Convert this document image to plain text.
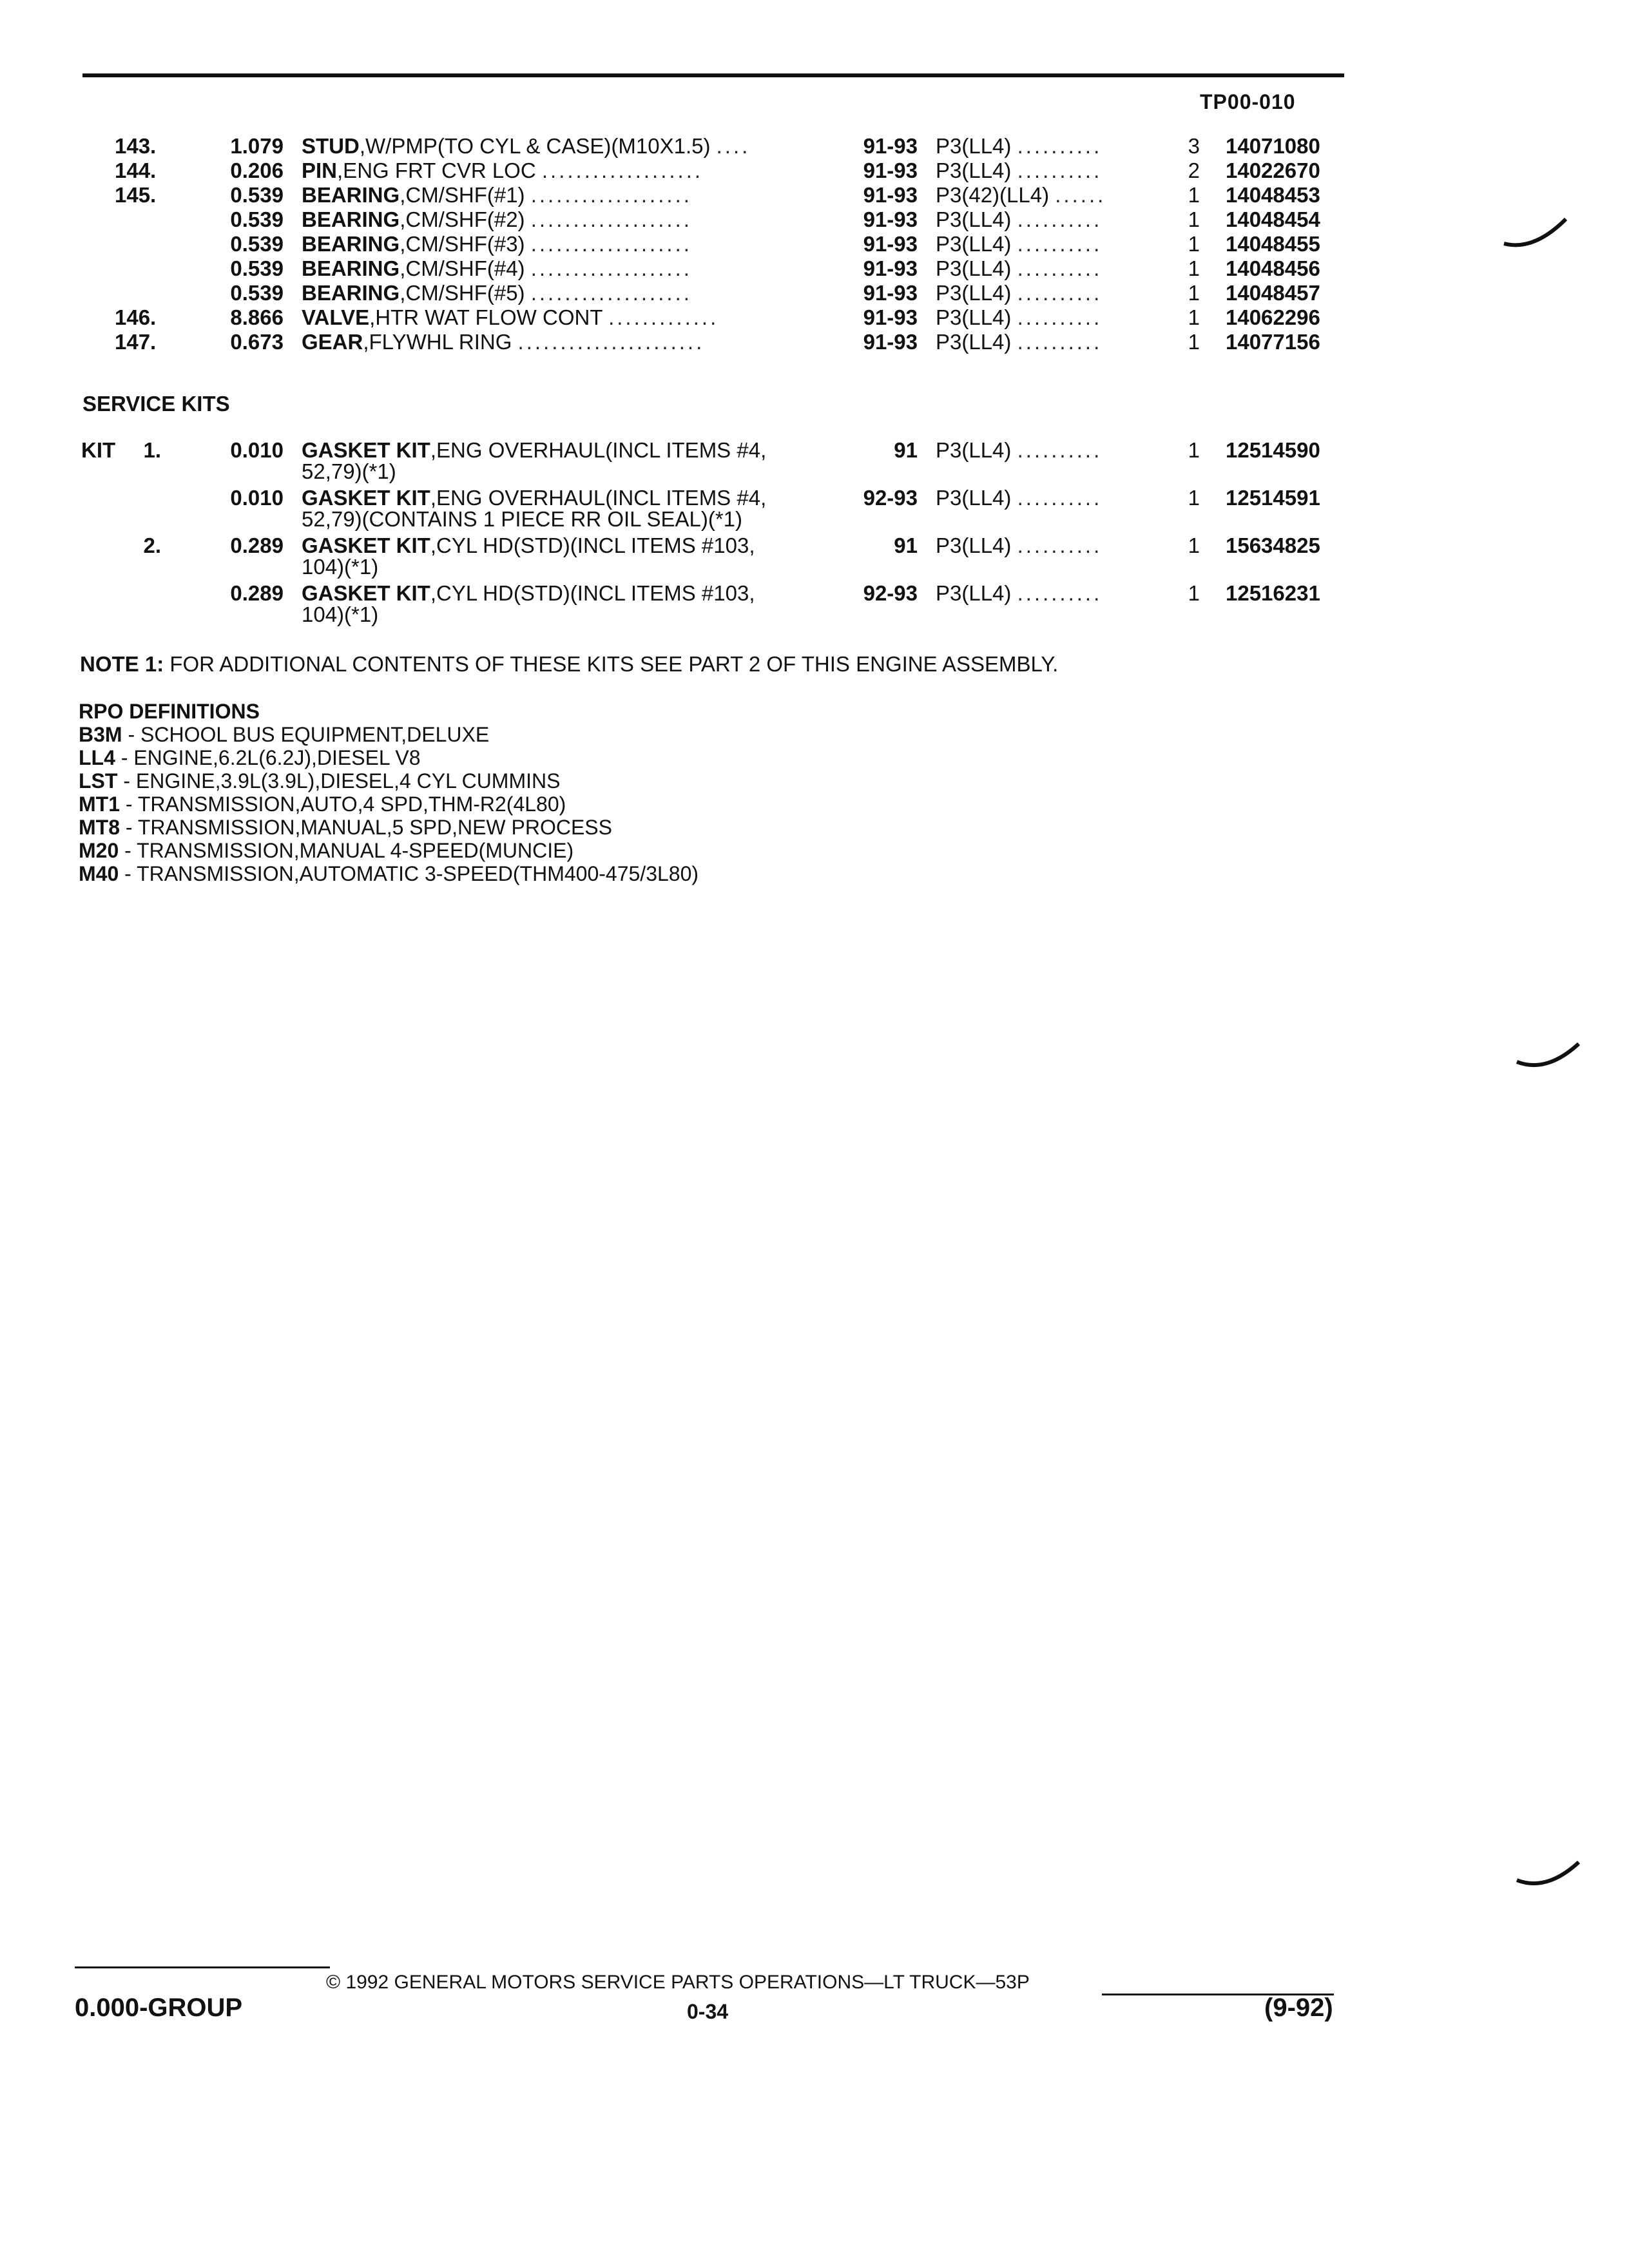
TP00-010
143.	1.079 STUD,W/PMP(TO CYL & CASE)(M10X1.5) ....	91-93 P3(LL4) ..........	3 14071080
144.	0.206 PIN,ENG FRT CVR LOC ...................	91-93 P3(LL4) ..........	2 14022670
145.	0.539 BEARING,CM/SHF(#1) ...................	91-93 P3(42)(LL4) ......	1 14048453
0.539 BEARING,CM/SHF(#2) ...................	91-93 P3(LL4) ..........	1 14048454
0.539 BEARING,CM/SHF(#3) ...................	91-93 P3(LL4) ..........	1 14048455
0.539 BEARING,CM/SHF(#4) ...................	91-93 P3(LL4) ..........	1 14048456
0.539 BEARING,CM/SHF(#5) ...................	91-93 P3(LL4) ..........	1 14048457
146.	8.866 VALVE,HTR WAT FLOW CONT .............	91-93 P3(LL4) ..........	1 14062296
147.	0.673 GEAR,FLYWHL RING ......................	91-93 P3(LL4) ..........	1 14077156
SERVICE KITS
KIT	1.	0.010 GASKET KIT,ENG OVERHAUL(INCL ITEMS #4,	91 P3(LL4) ..........	1 12514590
52,79)(*1)
0.010 GASKET KIT,ENG OVERHAUL(INCL ITEMS #4,	92-93 P3(LL4) ..........	1 12514591
52,79)(CONTAINS 1 PIECE RR OIL SEAL)(*1)
2.	0.289 GASKET KIT,CYL HD(STD)(INCL ITEMS #103,	91 P3(LL4) ..........	1 15634825
104)(*1)
0.289 GASKET KIT,CYL HD(STD)(INCL ITEMS #103,	92-93 P3(LL4) ..........	1 12516231
104)(*1)
NOTE 1: FOR ADDITIONAL CONTENTS OF THESE KITS SEE PART 2 OF THIS ENGINE ASSEMBLY.
RPO DEFINITIONS
B3M - SCHOOL BUS EQUIPMENT,DELUXE
LL4 - ENGINE,6.2L(6.2J),DIESEL V8
LST - ENGINE,3.9L(3.9L),DIESEL,4 CYL CUMMINS
MT1 - TRANSMISSION,AUTO,4 SPD,THM-R2(4L80)
MT8 - TRANSMISSION,MANUAL,5 SPD,NEW PROCESS
M20 - TRANSMISSION,MANUAL 4-SPEED(MUNCIE)
M40 - TRANSMISSION,AUTOMATIC 3-SPEED(THM400-475/3L80)
© 1992 GENERAL MOTORS SERVICE PARTS OPERATIONS—LT TRUCK—53P
0.000-GROUP	0-34	(9-92)
